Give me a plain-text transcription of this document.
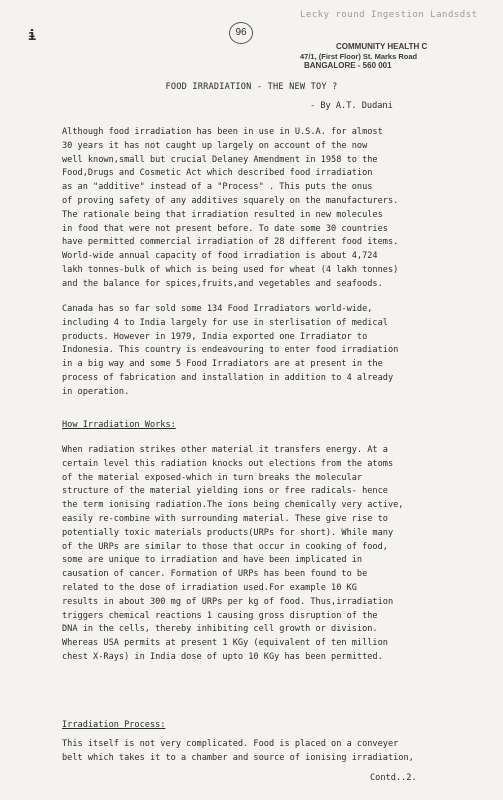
Lecky round Ingestion Landsdst
96
ɨ
COMMUNITY HEALTH C
47/1, (First Floor) St. Marks Road
BANGALORE - 560 001
FOOD IRRADIATION - THE NEW TOY ?
- By A.T. Dudani
Although food irradiation has been in use in U.S.A. for almost
30 years it has not caught up largely on account of the now
well known,small but crucial Delaney Amendment in 1958 to the
Food,Drugs and Cosmetic Act which described food irradiation
as an "additive" instead of a "Process" . This puts the onus
of proving safety of any additives squarely on the manufacturers.
The rationale being that irradiation resulted in new molecules
in food that were not present before. To date some 30 countries
have permitted commercial irradiation of 28 different food items.
World-wide annual capacity of food irradiation is about 4,724
lakh tonnes-bulk of which is being used for wheat (4 lakh tonnes)
and the balance for spices,fruits,and vegetables and seafoods.
Canada has so far sold some 134 Food Irradiators world-wide,
including 4 to India largely for use in sterlisation of medical
products. However in 1979, India exported one Irradiator to
Indonesia. This country is endeavouring to enter food irradiation
in a big way and some 5 Food Irradiators are at present in the
process of fabrication and installation in addition to 4 already
in operation.
How Irradiation Works:
When radiation strikes other material it transfers energy. At a
certain level this radiation knocks out elections from the atoms
of the material exposed-which in turn breaks the molecular
structure of the material yielding ions or free radicals- hence
the term ionising radiation.The ions being chemically very active,
easily re-combine with surrounding material. These give rise to
potentially toxic materials products(URPs for short). While many
of the URPs are similar to those that occur in cooking of food,
some are unique to irradiation and have been implicated in
causation of cancer. Formation of URPs has been found to be
related to the dose of irradiation used.For example 10 KG
results in about 300 mg of URPs per kg of food. Thus,irradiation
triggers chemical reactions 1 causing gross disruption of the
DNA in the cells, thereby inhibiting cell growth or division.
Whereas USA permits at present 1 KGy (equivalent of ten million
chest X-Rays) in India dose of upto 10 KGy has been permitted.
Irradiation Process:
This itself is not very complicated. Food is placed on a conveyer
belt which takes it to a chamber and source of ionising irradiation,
Contd..2.
